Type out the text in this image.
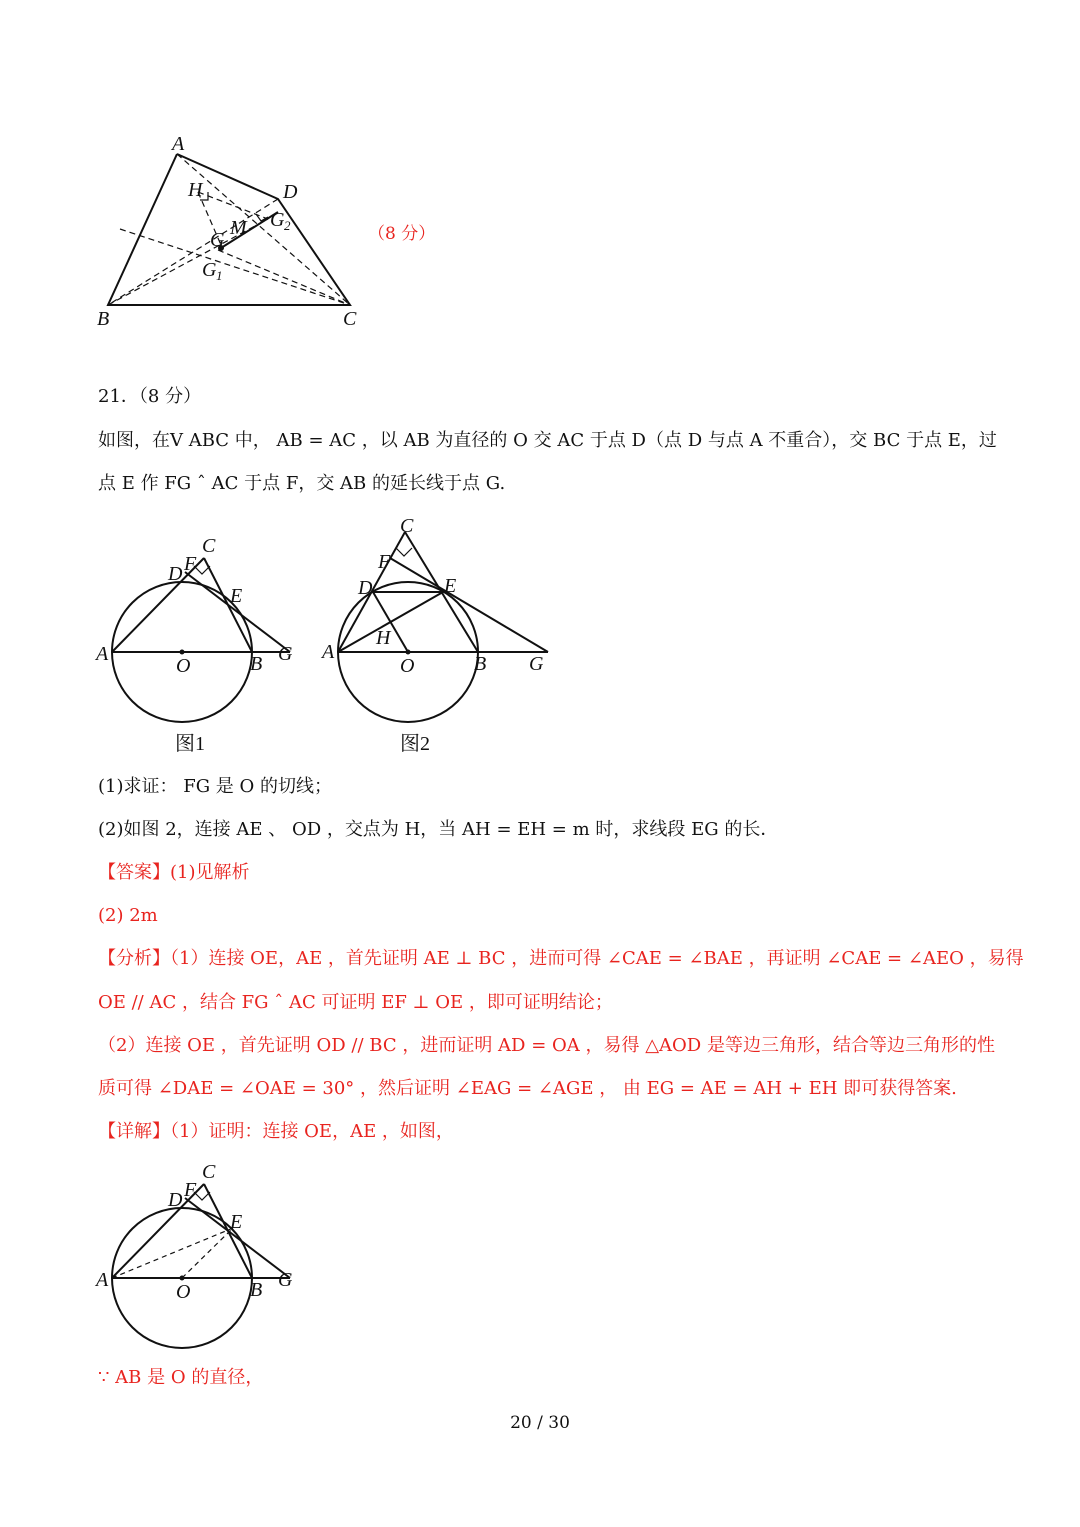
A
B	C
D
H
M
G
G 1
G 2	（8 分）
21．（8 分）
如图，在V ABC 中， AB = AC ，以 AB 为直径的 O 交 AC 于点 D（点 D 与点 A 不重合），交 BC 于点 E，过
点 E 作 FG ˆ AC 于点 F，交 AB 的延长线于点 G.
A
O	B G
C
F
D
E
图1
A
O	B G
C
F
D	E
H
图2
(1)求证： FG 是 O 的切线；
(2)如图 2，连接 AE 、 OD ，交点为 H，当 AH = EH = m 时，求线段 EG 的长．
【答案】(1)见解析
(2) 2m
【分析】（1）连接 OE，AE ，首先证明 AE ⊥ BC ，进而可得 ∠CAE = ∠BAE ，再证明 ∠CAE = ∠AEO ，易得
OE // AC ，结合 FG ˆ AC 可证明 EF ⊥ OE ，即可证明结论；
（2）连接 OE ，首先证明 OD // BC ，进而证明 AD = OA ，易得 △AOD 是等边三角形，结合等边三角形的性
质可得 ∠DAE = ∠OAE = 30° ，然后证明 ∠EAG = ∠AGE ， 由 EG = AE = AH + EH 即可获得答案.
【详解】（1）证明：连接 OE，AE ，如图，
A
O	B G
C
F
D
E
∵ AB 是 O 的直径，
20 / 30
